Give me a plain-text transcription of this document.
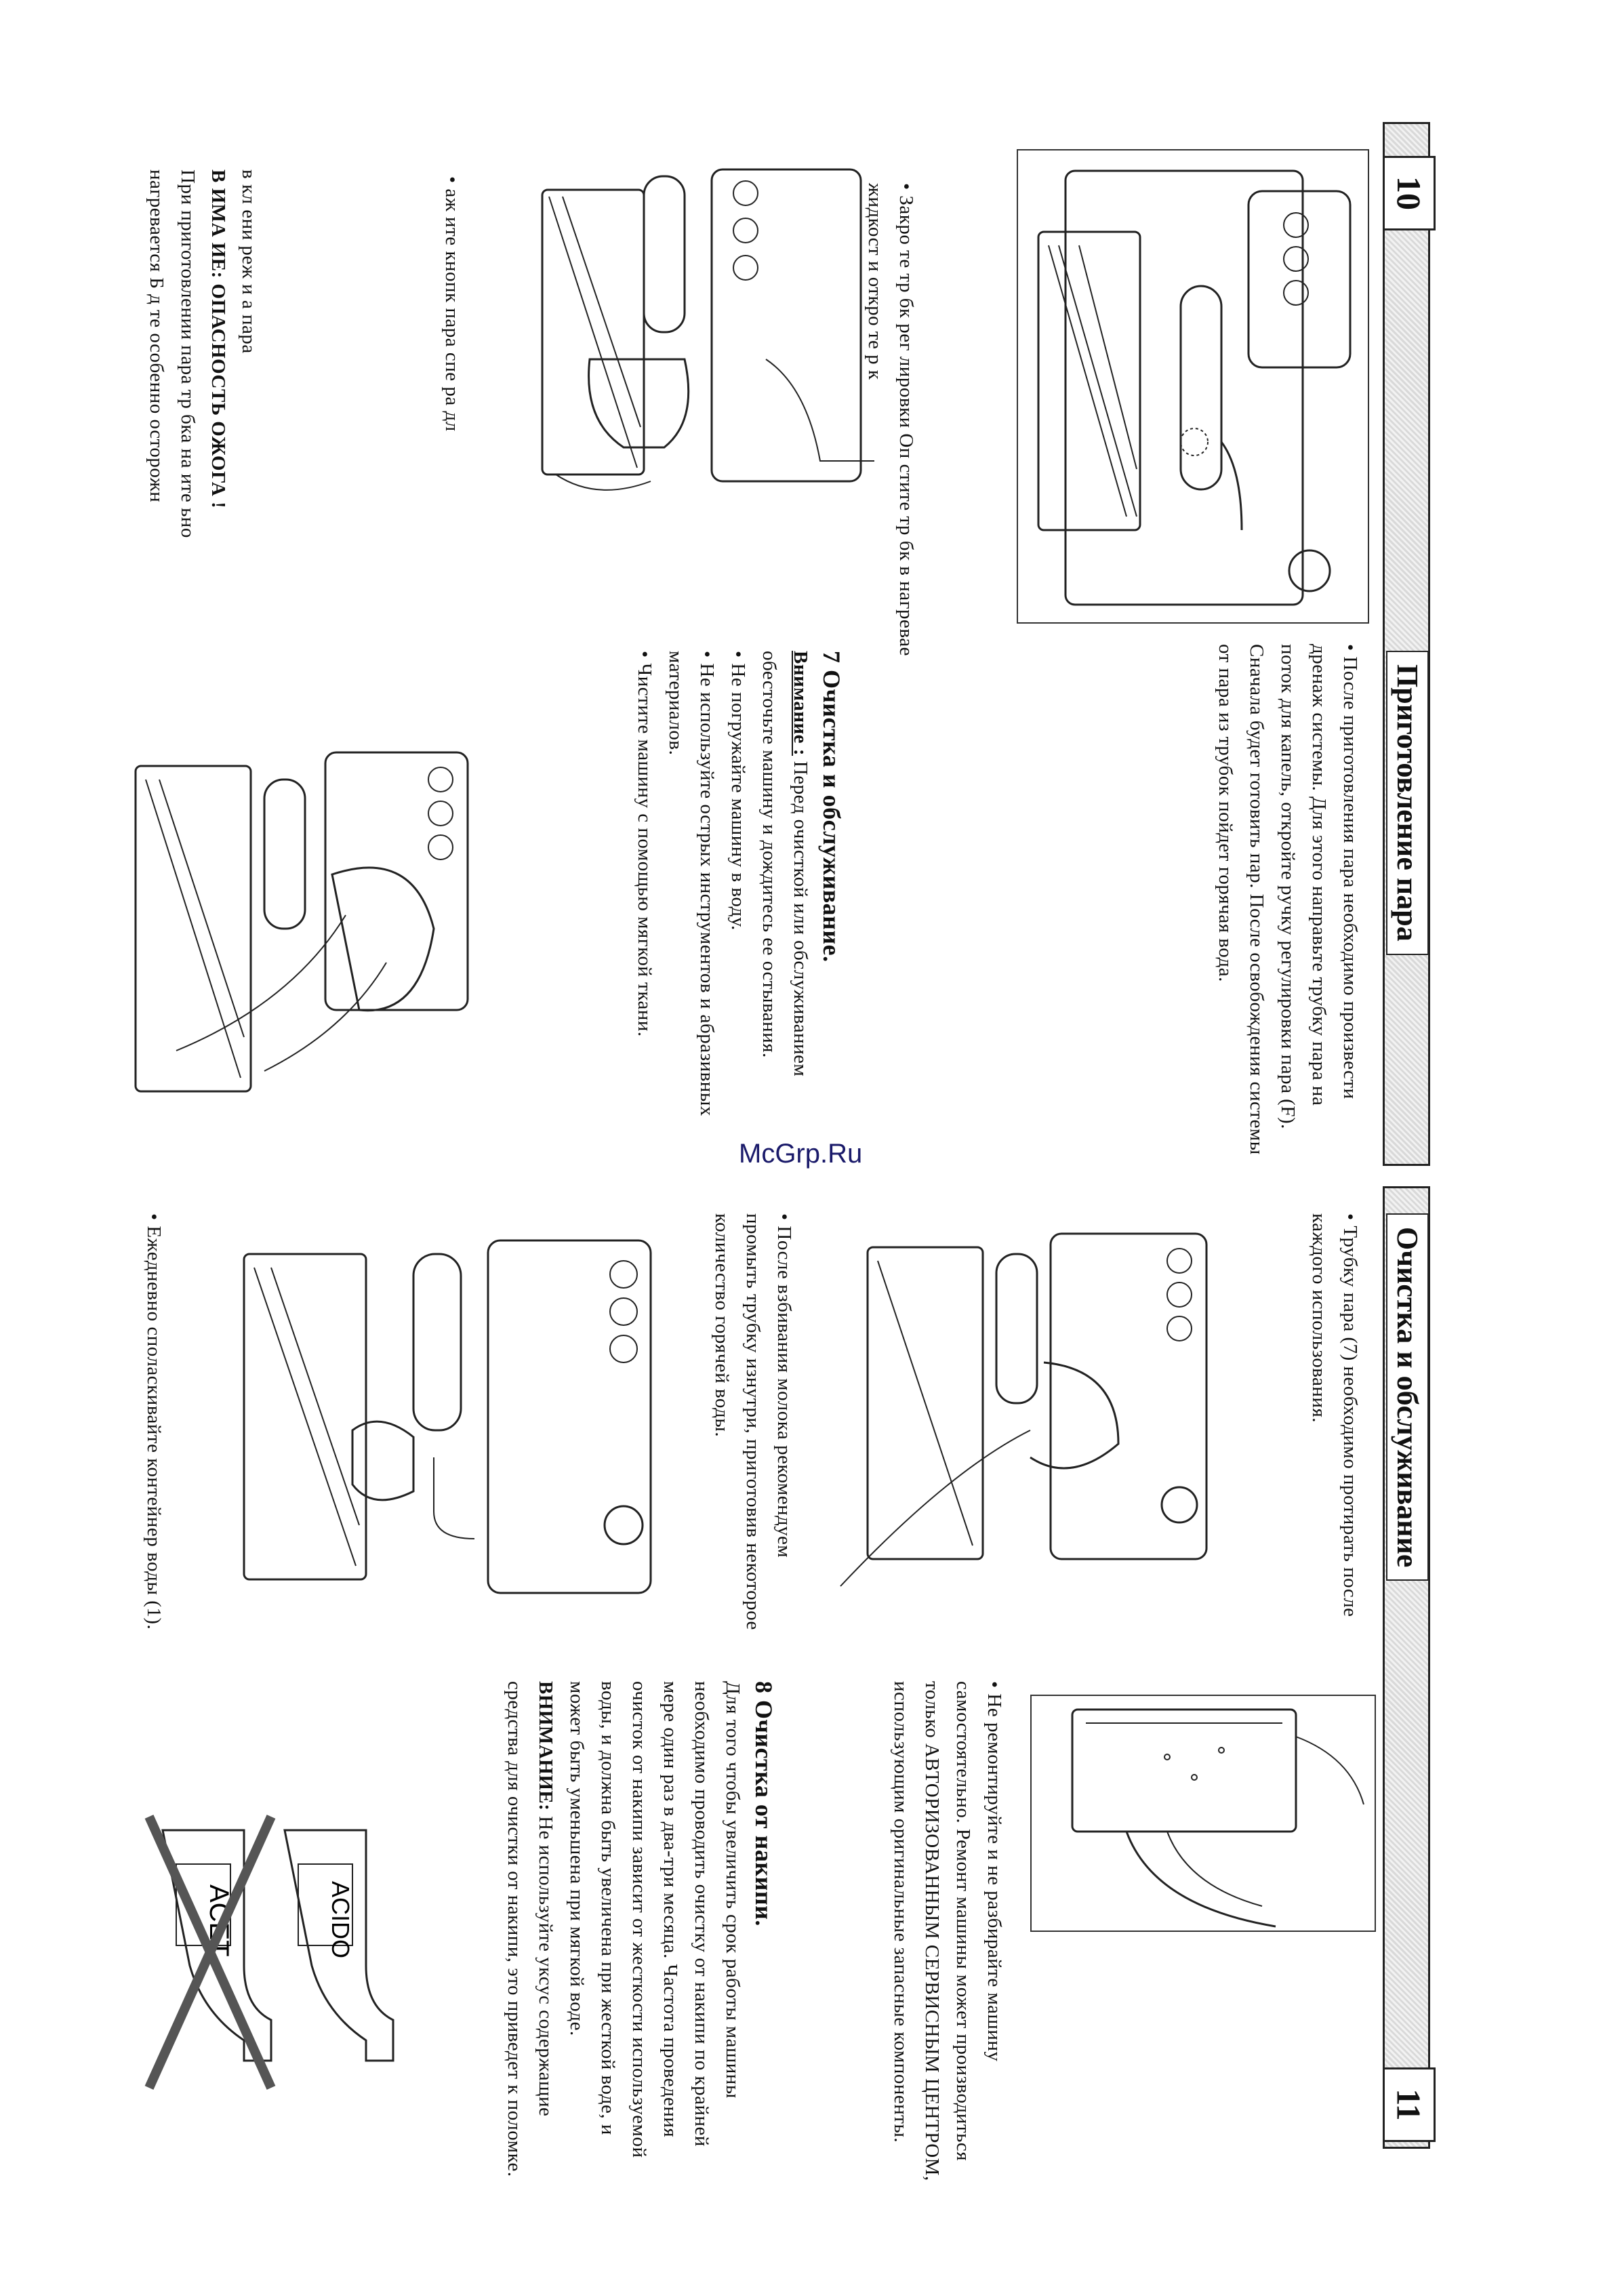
10
Приготовление пара
• После приготовления пара необходимо произвести дренаж системы. Для этого направьте трубку пара на поток для капель, откройте ручку регулировки пара (F). Сначала будет готовить пар. После освобождения системы от пара из трубок пойдет горячая вода.
• Закро те тр бк рег лировки Оп стите тр бк в нагревае жидкост и откро те р к
• аж ите кнопк пара спе ра дл
в кл ени реж и а пара
В ИМА ИЕ: ОПАСНОСТЬ ОЖОГА !
При приготовлении пара тр бка на ите ьно нагревается Б д те особенно осторожн
7 Очистка и обслуживание.
Внимание : Перед очисткой или обслуживанием обесточьте машину и дождитесь ее остывания.
• Не погружайте машину в воду.
• Не используйте острых инструментов и абразивных материалов.
• Чистите машину с помощью мягкой ткани.
Очистка и обслуживание
11
• Трубку пара (7) необходимо протирать после каждого использования.
• После взбивания молока рекомендуем промыть трубку изнутри, приготовив некоторое количество горячей воды.
• Ежедневно споласкивайте контейнер воды (1).
• Не ремонтируйте и не разбирайте машину самостоятельно. Ремонт машины может производиться только АВТОРИЗОВАННЫМ СЕРВИСНЫМ ЦЕНТРОМ, использующим оригинальные запасные компоненты.
8 Очистка от накипи.
Для того чтобы увеличить срок работы машины необходимо проводить очистку от накипи по крайней мере один раз в два-три месяца. Частота проведения очисток от накипи зависит от жесткости используемой воды, и должна быть увеличена при жесткой воде, и может быть уменьшена при мягкой воде.
ВНИМАНИЕ: Не используйте уксус содержащие средства для очистки от накипи, это приведет к поломке.
ACET	ACIDO
McGrp.Ru
